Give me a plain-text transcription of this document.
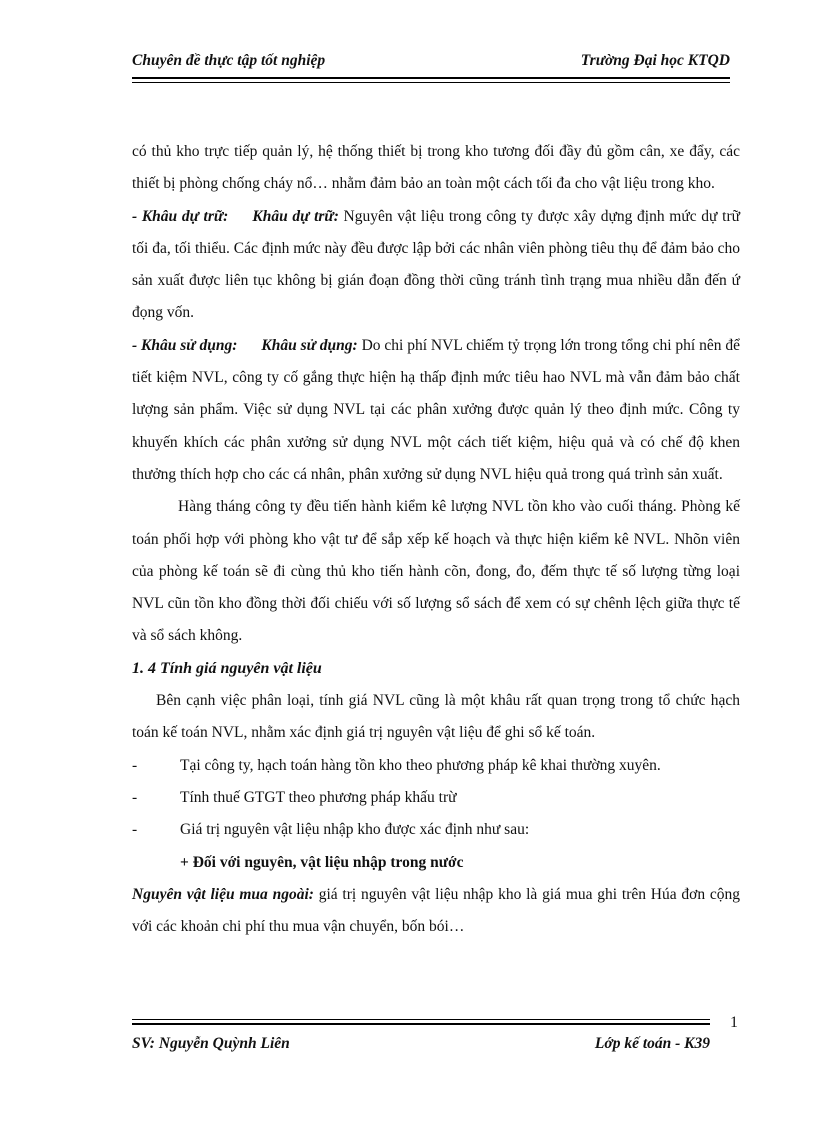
Chuyên đề thực tập tốt nghiệp	Trường Đại học KTQD

có thủ kho trực tiếp quản lý, hệ thống thiết bị trong kho tương đối đầy đủ gồm cân, xe đẩy, các thiết bị phòng chống cháy nổ… nhằm đảm bảo an toàn một cách tối đa cho vật liệu trong kho.

- Khâu dự trữ: Khâu dự trữ: Nguyên vật liệu trong công ty được xây dựng định mức dự trữ tối đa, tối thiểu. Các định mức này đều được lập bởi các nhân viên phòng tiêu thụ để đảm bảo cho sản xuất được liên tục không bị gián đoạn đồng thời cũng tránh tình trạng mua nhiều dẫn đến ứ đọng vốn.

- Khâu sử dụng: Khâu sử dụng: Do chi phí NVL chiếm tỷ trọng lớn trong tổng chi phí nên để tiết kiệm NVL, công ty cố gắng thực hiện hạ thấp định mức tiêu hao NVL mà vẫn đảm bảo chất lượng sản phẩm. Việc sử dụng NVL tại các phân xưởng được quản lý theo định mức. Công ty khuyến khích các phân xưởng sử dụng NVL một cách tiết kiệm, hiệu quả và có chế độ khen thưởng thích hợp cho các cá nhân, phân xưởng sử dụng NVL hiệu quả trong quá trình sản xuất.

Hàng tháng công ty đều tiến hành kiểm kê lượng NVL tồn kho vào cuối tháng. Phòng kế toán phối hợp với phòng kho vật tư để sắp xếp kế hoạch và thực hiện kiểm kê NVL. Nhõn viên của phòng kế toán sẽ đi cùng thủ kho tiến hành cõn, đong, đo, đếm thực tế số lượng từng loại NVL cũn tồn kho đồng thời đối chiếu với số lượng sổ sách để xem có sự chênh lệch giữa thực tế và sổ sách không.

1. 4 Tính giá nguyên vật liệu

Bên cạnh việc phân loại, tính giá NVL cũng là một khâu rất quan trọng trong tổ chức hạch toán kế toán NVL, nhằm xác định giá trị nguyên vật liệu để ghi sổ kế toán.

-	Tại công ty, hạch toán hàng tồn kho theo phương pháp kê khai thường xuyên.

-	Tính thuế GTGT theo phương pháp khấu trừ

-	Giá trị nguyên vật liệu nhập kho được xác định như sau:

+ Đối với nguyên, vật liệu nhập trong nước

Nguyên vật liệu mua ngoài: giá trị nguyên vật liệu nhập kho là giá mua ghi trên Húa đơn cộng với các khoản chi phí thu mua vận chuyển, bốn bói…

1
SV: Nguyễn Quỳnh Liên	Lớp kế toán - K39
